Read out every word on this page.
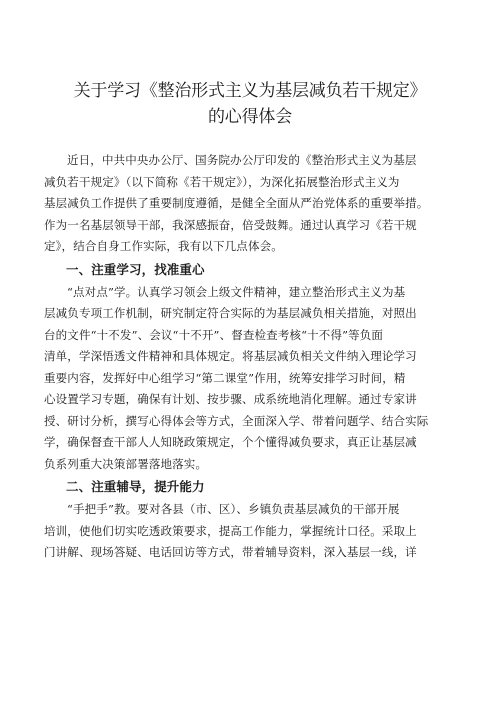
关于学习《整治形式主义为基层减负若干规定》
的心得体会
近日，中共中央办公厅、国务院办公厅印发的《整治形式主义为基层
减负若干规定》（以下简称《若干规定》），为深化拓展整治形式主义为
基层减负工作提供了重要制度遵循，是健全全面从严治党体系的重要举措。
作为一名基层领导干部，我深感振奋，倍受鼓舞。通过认真学习《若干规
定》，结合自身工作实际，我有以下几点体会。
一、注重学习，找准重心
“点对点”学。认真学习领会上级文件精神，建立整治形式主义为基
层减负专项工作机制，研究制定符合实际的为基层减负相关措施，对照出
台的文件“十不发”、会议“十不开”、督查检查考核“十不得”等负面
清单，学深悟透文件精神和具体规定。将基层减负相关文件纳入理论学习
重要内容，发挥好中心组学习“第二课堂”作用，统筹安排学习时间，精
心设置学习专题，确保有计划、按步骤、成系统地消化理解。通过专家讲
授、研讨分析，撰写心得体会等方式，全面深入学、带着问题学、结合实际
学，确保督查干部人人知晓政策规定，个个懂得减负要求，真正让基层减
负系列重大决策部署落地落实。
二、注重辅导，提升能力
“手把手”教。要对各县（市、区）、乡镇负责基层减负的干部开展
培训，使他们切实吃透政策要求，提高工作能力，掌握统计口径。采取上
门讲解、现场答疑、电话回访等方式，带着辅导资料，深入基层一线，详
